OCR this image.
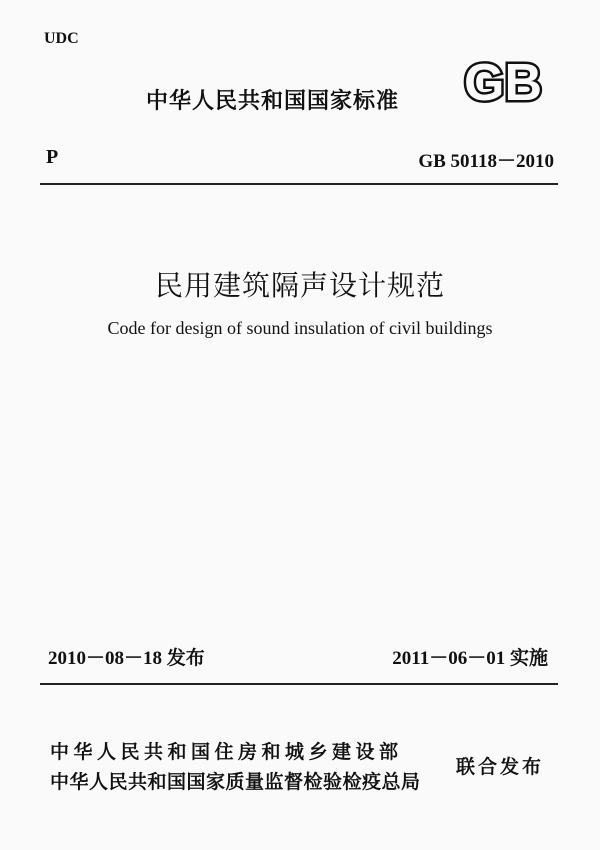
UDC
中华人民共和国国家标准 GB
P	GB 50118－2010
民用建筑隔声设计规范
Code for design of sound insulation of civil buildings
2010－08－18 发布	2011－06－01 实施
中华人民共和国住房和城乡建设部
中华人民共和国国家质量监督检验检疫总局
联合发布
